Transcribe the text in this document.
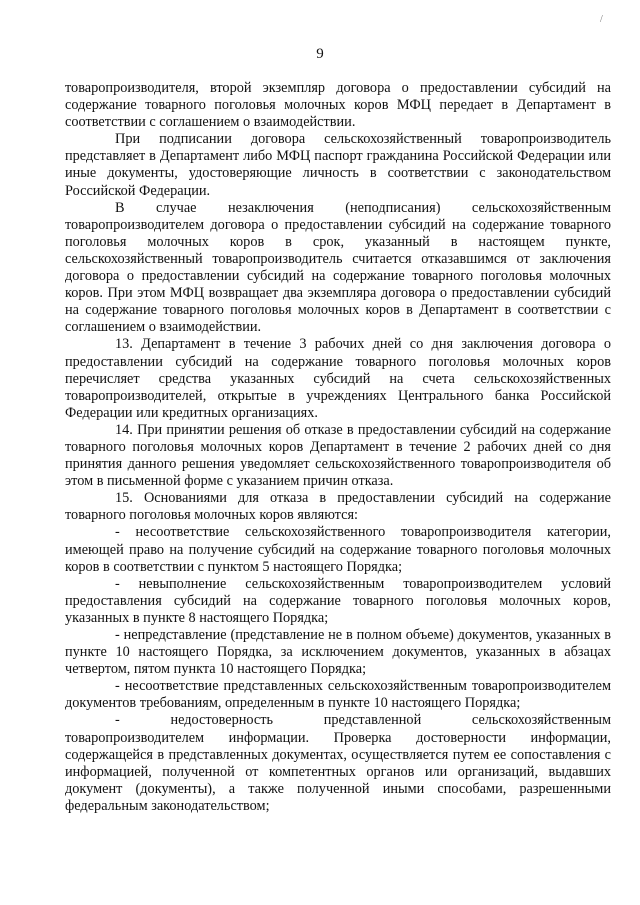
/
9

товаропроизводителя, второй экземпляр договора о предоставлении субсидий на содержание товарного поголовья молочных коров МФЦ передает в Департамент в соответствии с соглашением о взаимодействии.

При подписании договора сельскохозяйственный товаропроизводитель представляет в Департамент либо МФЦ паспорт гражданина Российской Федерации или иные документы, удостоверяющие личность в соответствии с законодательством Российской Федерации.

В случае незаключения (неподписания) сельскохозяйственным товаропроизводителем договора о предоставлении субсидий на содержание товарного поголовья молочных коров в срок, указанный в настоящем пункте, сельскохозяйственный товаропроизводитель считается отказавшимся от заключения договора о предоставлении субсидий на содержание товарного поголовья молочных коров. При этом МФЦ возвращает два экземпляра договора о предоставлении субсидий на содержание товарного поголовья молочных коров в Департамент в соответствии с соглашением о взаимодействии.

13. Департамент в течение 3 рабочих дней со дня заключения договора о предоставлении субсидий на содержание товарного поголовья молочных коров перечисляет средства указанных субсидий на счета сельскохозяйственных товаропроизводителей, открытые в учреждениях Центрального банка Российской Федерации или кредитных организациях.

14. При принятии решения об отказе в предоставлении субсидий на содержание товарного поголовья молочных коров Департамент в течение 2 рабочих дней со дня принятия данного решения уведомляет сельскохозяйственного товаропроизводителя об этом в письменной форме с указанием причин отказа.

15. Основаниями для отказа в предоставлении субсидий на содержание товарного поголовья молочных коров являются:

- несоответствие сельскохозяйственного товаропроизводителя категории, имеющей право на получение субсидий на содержание товарного поголовья молочных коров в соответствии с пунктом 5 настоящего Порядка;

- невыполнение сельскохозяйственным товаропроизводителем условий предоставления субсидий на содержание товарного поголовья молочных коров, указанных в пункте 8 настоящего Порядка;

- непредставление (представление не в полном объеме) документов, указанных в пункте 10 настоящего Порядка, за исключением документов, указанных в абзацах четвертом, пятом пункта 10 настоящего Порядка;

- несоответствие представленных сельскохозяйственным товаропроизводителем документов требованиям, определенным в пункте 10 настоящего Порядка;

- недостоверность представленной сельскохозяйственным товаропроизводителем информации. Проверка достоверности информации, содержащейся в представленных документах, осуществляется путем ее сопоставления с информацией, полученной от компетентных органов или организаций, выдавших документ (документы), а также полученной иными способами, разрешенными федеральным законодательством;
